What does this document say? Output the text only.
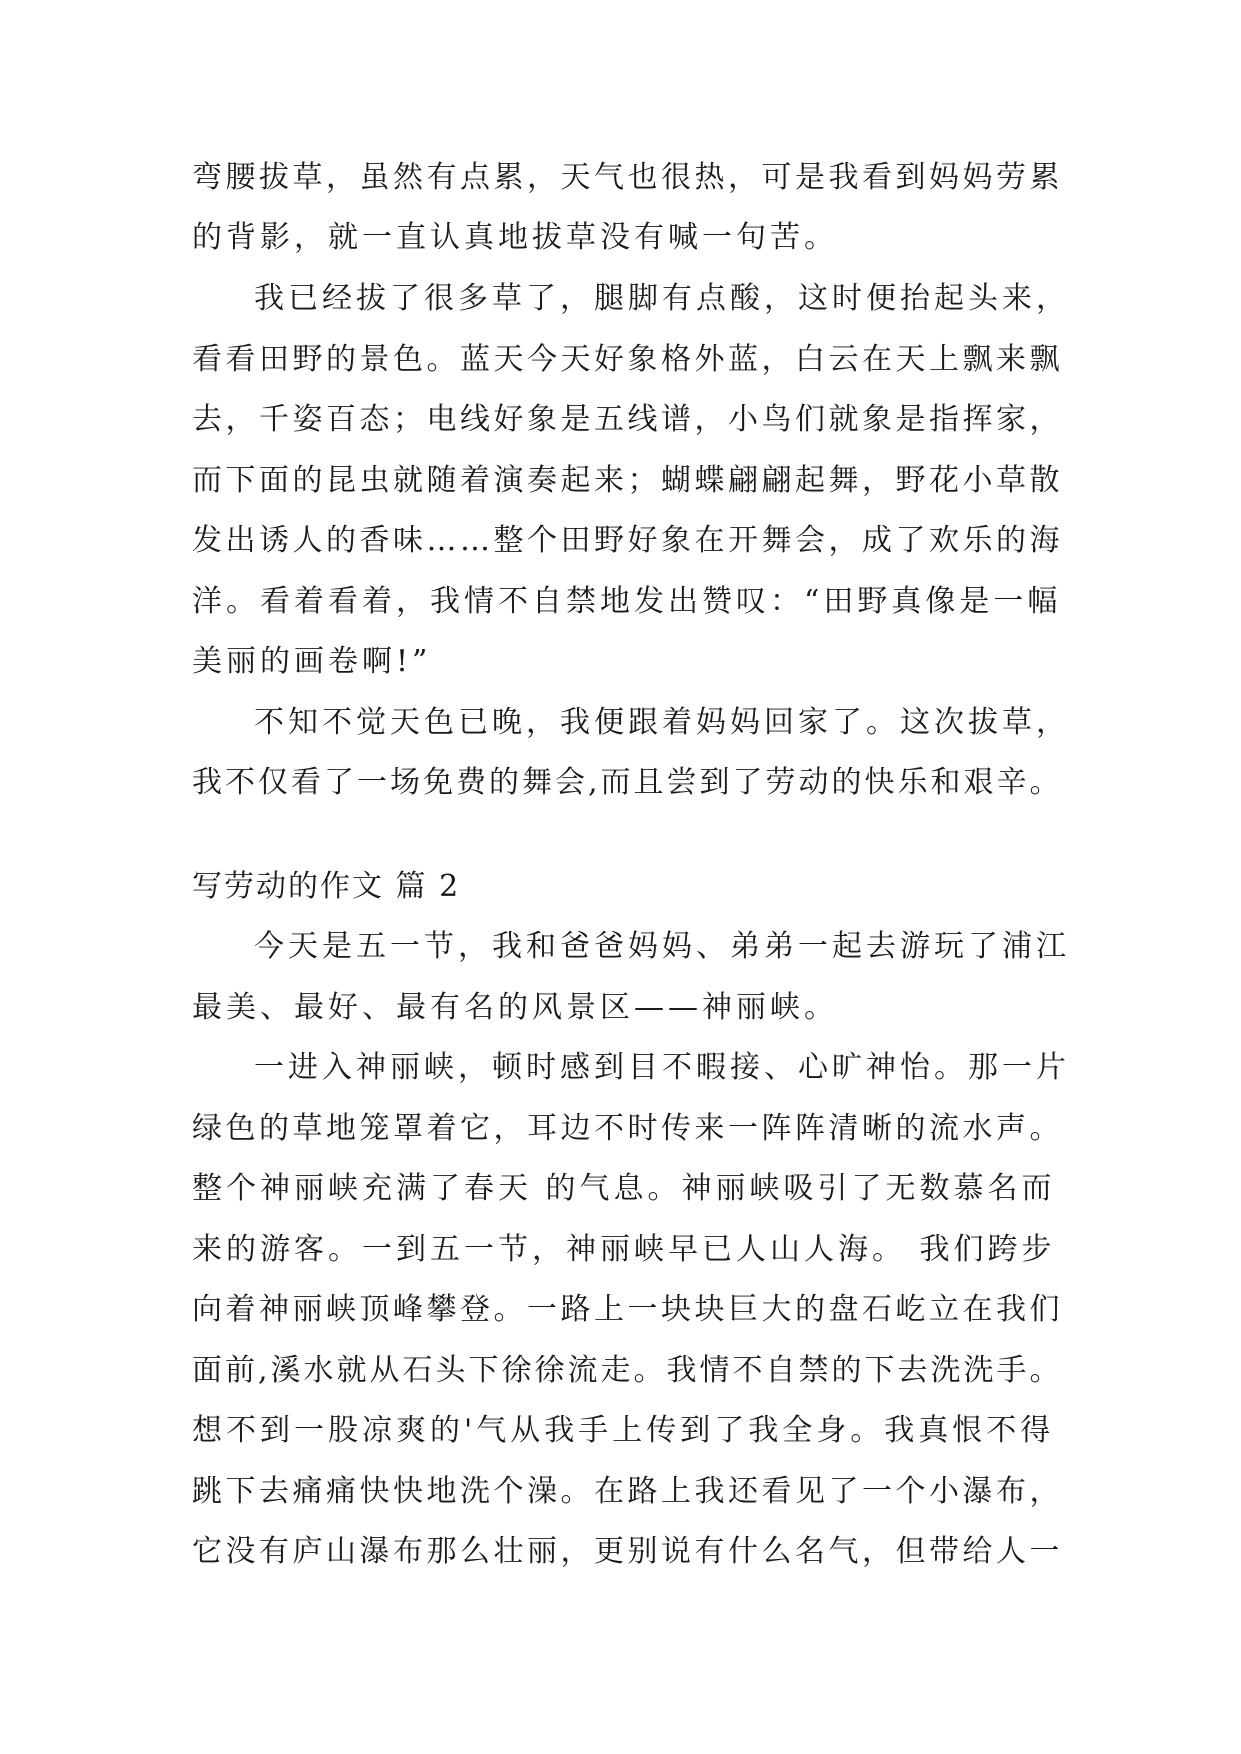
弯腰拔草，虽然有点累，天气也很热，可是我看到妈妈劳累
的背影，就一直认真地拔草没有喊一句苦。
我已经拔了很多草了，腿脚有点酸，这时便抬起头来，
看看田野的景色。蓝天今天好象格外蓝，白云在天上飘来飘
去，千姿百态；电线好象是五线谱，小鸟们就象是指挥家，
而下面的昆虫就随着演奏起来；蝴蝶翩翩起舞，野花小草散
发出诱人的香味……整个田野好象在开舞会，成了欢乐的海
洋。看着看着，我情不自禁地发出赞叹：“田野真像是一幅
美丽的画卷啊!”
不知不觉天色已晚，我便跟着妈妈回家了。这次拔草，
我不仅看了一场免费的舞会,而且尝到了劳动的快乐和艰辛。
写劳动的作文 篇 2
今天是五一节，我和爸爸妈妈、弟弟一起去游玩了浦江
最美、最好、最有名的风景区——神丽峡。
一进入神丽峡，顿时感到目不暇接、心旷神怡。那一片
绿色的草地笼罩着它，耳边不时传来一阵阵清晰的流水声。
整个神丽峡充满了春天 的气息。神丽峡吸引了无数慕名而
来的游客。一到五一节，神丽峡早已人山人海。 我们跨步
向着神丽峡顶峰攀登。一路上一块块巨大的盘石屹立在我们
面前,溪水就从石头下徐徐流走。我情不自禁的下去洗洗手。
想不到一股凉爽的'气从我手上传到了我全身。我真恨不得
跳下去痛痛快快地洗个澡。在路上我还看见了一个小瀑布，
它没有庐山瀑布那么壮丽，更别说有什么名气，但带给人一
